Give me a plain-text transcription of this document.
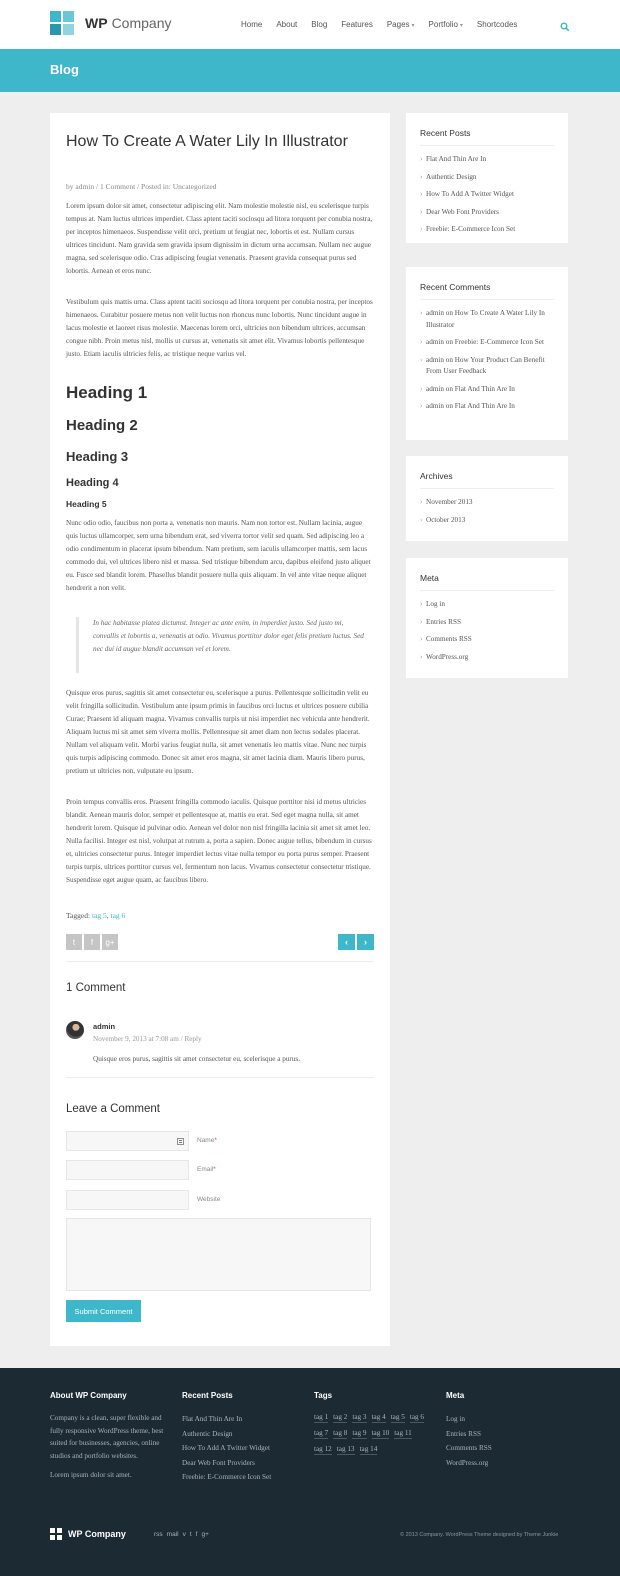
WP Company	Home About Blog Features Pages ▾ Portfolio ▾ Shortcodes
Blog
How To Create A Water Lily In Illustrator
by admin / 1 Comment / Posted in: Uncategorized
Lorem ipsum dolor sit amet, consectetur adipiscing elit. Nam molestie molestie nisl, eu scelerisque turpis tempus at. Nam luctus ultrices imperdiet. Class aptent taciti sociosqu ad litora torquent per conubia nostra, per inceptos himenaeos. Suspendisse velit orci, pretium ut feugiat nec, lobortis et est. Nullam cursus ultrices tincidunt. Nam gravida sem gravida ipsum dignissim in dictum urna accumsan. Nullam nec augue magna, sed scelerisque odio. Cras adipiscing feugiat venenatis. Praesent gravida consequat purus sed lobortis. Aenean et eros nunc.
Vestibulum quis mattis urna. Class aptent taciti sociosqu ad litora torquent per conubia nostra, per inceptos himenaeos. Curabitur posuere metus non velit luctus non rhoncus nunc lobortis. Nunc tincidunt augue in lacus molestie et laoreet risus molestie. Maecenas lorem orci, ultricies non bibendum ultrices, accumsan congue nibh. Proin metus nisl, mollis ut cursus at, venenatis sit amet elit. Vivamus lobortis pellentesque justo. Etiam iaculis ultricies felis, ac tristique neque varius vel.
Heading 1
Heading 2
Heading 3
Heading 4
Heading 5
Nunc odio odio, faucibus non porta a, venenatis non mauris. Nam non tortor est. Nullam lacinia, augue quis luctus ullamcorper, sem urna bibendum erat, sed viverra tortor velit sed quam. Sed adipiscing leo a odio condimentum in placerat ipsum bibendum. Nam pretium, sem iaculis ullamcorper mattis, sem lacus commodo dui, vel ultrices libero nisl et massa. Sed tristique bibendum arcu, dapibus eleifend justo aliquet eu. Fusce sed blandit lorem. Phasellus blandit posuere nulla quis aliquam. In vel ante vitae neque aliquet hendrerit a non velit.
In hac habitasse platea dictumst. Integer ac ante enim, in imperdiet justo. Sed justo mi, convallis et lobortis a, venenatis at odio. Vivamus porttitor dolor eget felis pretium luctus. Sed nec dui id augue blandit accumsan vel et lorem.
Quisque eros purus, sagittis sit amet consectetur eu, scelerisque a purus. Pellentesque sollicitudin velit eu velit fringilla sollicitudin. Vestibulum ante ipsum primis in faucibus orci luctus et ultrices posuere cubilia Curae; Praesent id aliquam magna. Vivamus convallis turpis ut nisi imperdiet nec vehicula ante hendrerit. Aliquam luctus mi sit amet sem viverra mollis. Pellentesque sit amet diam non lectus sodales placerat. Nullam vel aliquam velit. Morbi varius feugiat nulla, sit amet venenatis leo mattis vitae. Nunc nec turpis quis turpis adipiscing commodo. Donec sit amet eros magna, sit amet lacinia diam. Mauris libero purus, pretium ut ultricies non, vulputate eu ipsum.
Proin tempus convallis eros. Praesent fringilla commodo iaculis. Quisque porttitor nisi id metus ultricies blandit. Aenean mauris dolor, semper et pellentesque at, mattis eu erat. Sed eget magna nulla, sit amet hendrerit lorem. Quisque id pulvinar odio. Aenean vel dolor non nisl fringilla lacinia sit amet sit amet leo. Nulla facilisi. Integer est nisl, volutpat at rutrum a, porta a sapien. Donec augue tellus, bibendum in cursus et, ultricies consectetur purus. Integer imperdiet lectus vitae nulla tempor eu porta purus semper. Praesent turpis turpis, ultrices porttitor cursus vel, fermentum non lacus. Vivamus consectetur consectetur tristique. Suspendisse eget augue quam, ac faucibus libero.
Tagged: tag 5, tag 6
t f g+	‹ ›
1 Comment
admin
November 9, 2013 at 7:08 am / Reply
Quisque eros purus, sagittis sit amet consectetur eu, scelerisque a purus.
Leave a Comment
Name*
Email*
Website
Submit Comment
Recent Posts
› Flat And Thin Are In
› Authentic Design
› How To Add A Twitter Widget
› Dear Web Font Providers
› Freebie: E-Commerce Icon Set
Recent Comments
› admin on How To Create A Water Lily In Illustrator
› admin on Freebie: E-Commerce Icon Set
› admin on How Your Product Can Benefit From User Feedback
› admin on Flat And Thin Are In
› admin on Flat And Thin Are In
Archives
› November 2013
› October 2013
Meta
› Log in
› Entries RSS
› Comments RSS
› WordPress.org
About WP Company
Company is a clean, super flexible and fully responsive WordPress theme, best suited for businesses, agencies, online studios and portfolio websites.
Lorem ipsum dolor sit amet.
Recent Posts
Flat And Thin Are In
Authentic Design
How To Add A Twitter Widget
Dear Web Font Providers
Freebie: E-Commerce Icon Set
Tags
tag 1 tag 2 tag 3 tag 4 tag 5 tag 6
tag 7 tag 8 tag 9 tag 10 tag 11
tag 12 tag 13 tag 14
Meta
Log in
Entries RSS
Comments RSS
WordPress.org
WP Company	rss mail v t f g+	© 2013 Company. WordPress Theme designed by Theme Junkie
